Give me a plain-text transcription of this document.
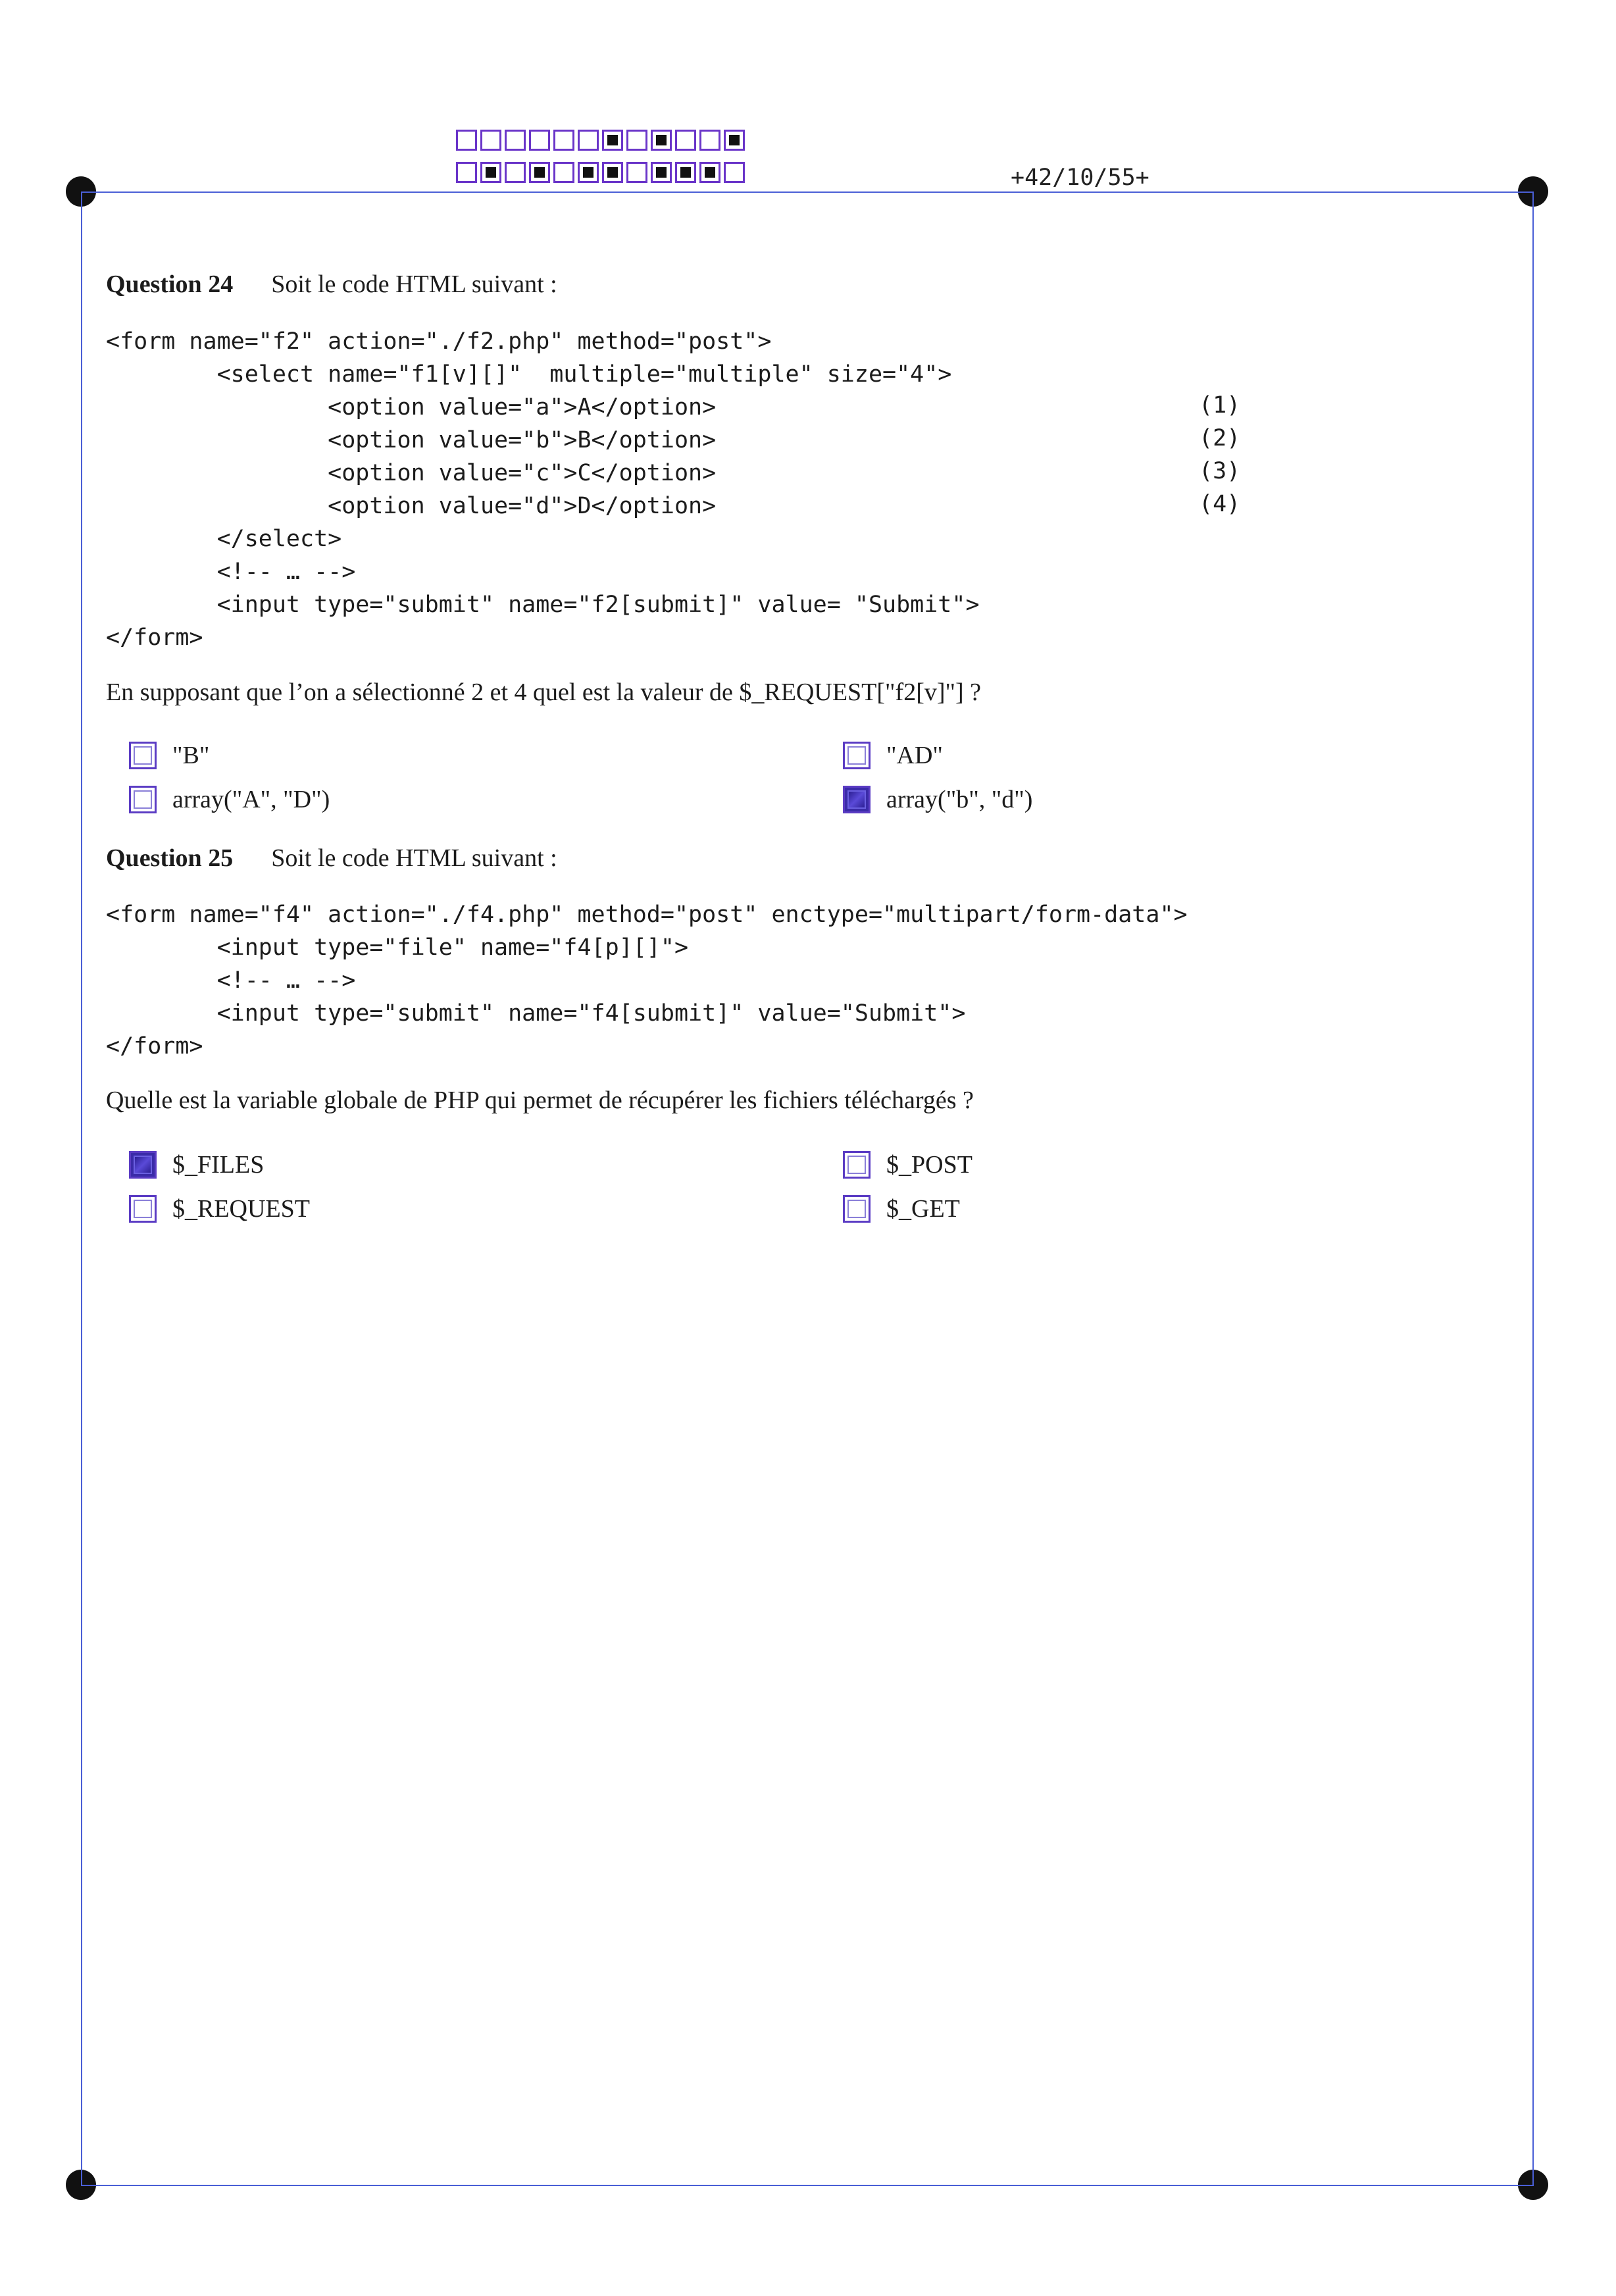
+42/10/55+
Question 24 Soit le code HTML suivant :
<form name="f2" action="./f2.php" method="post">
<select name="f1[v][]"  multiple="multiple" size="4">
<option value="a">A</option>
<option value="b">B</option>
<option value="c">C</option>
<option value="d">D</option>
</select>
<!-- … -->
<input type="submit" name="f2[submit]" value= "Submit">
</form>
(1)
(2)
(3)
(4)
En supposant que l’on a sélectionné 2 et 4 quel est la valeur de $_REQUEST["f2[v]"] ?
"B"	"AD"
array("A", "D")	array("b", "d")
Question 25 Soit le code HTML suivant :
<form name="f4" action="./f4.php" method="post" enctype="multipart/form-data">
<input type="file" name="f4[p][]">
<!-- … -->
<input type="submit" name="f4[submit]" value="Submit">
</form>
Quelle est la variable globale de PHP qui permet de récupérer les fichiers téléchargés ?
$_FILES	$_POST
$_REQUEST	$_GET
